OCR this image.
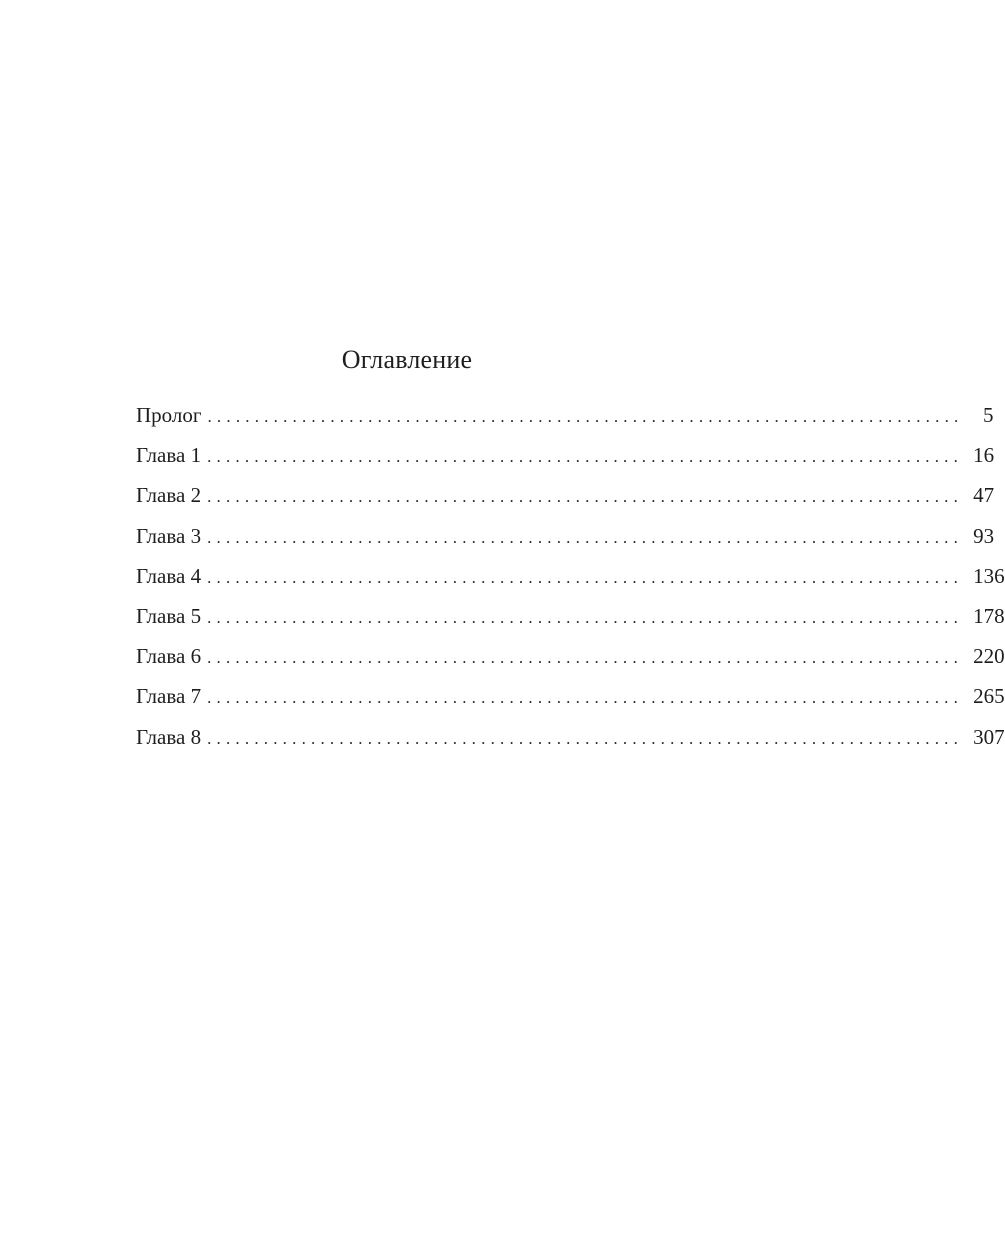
Оглавление
Пролог ................................................................................ 5
Глава 1 ................................................................................ 16
Глава 2 ................................................................................ 47
Глава 3 ................................................................................ 93
Глава 4 ................................................................................ 136
Глава 5 ................................................................................ 178
Глава 6 ................................................................................ 220
Глава 7 ................................................................................ 265
Глава 8 ................................................................................ 307
